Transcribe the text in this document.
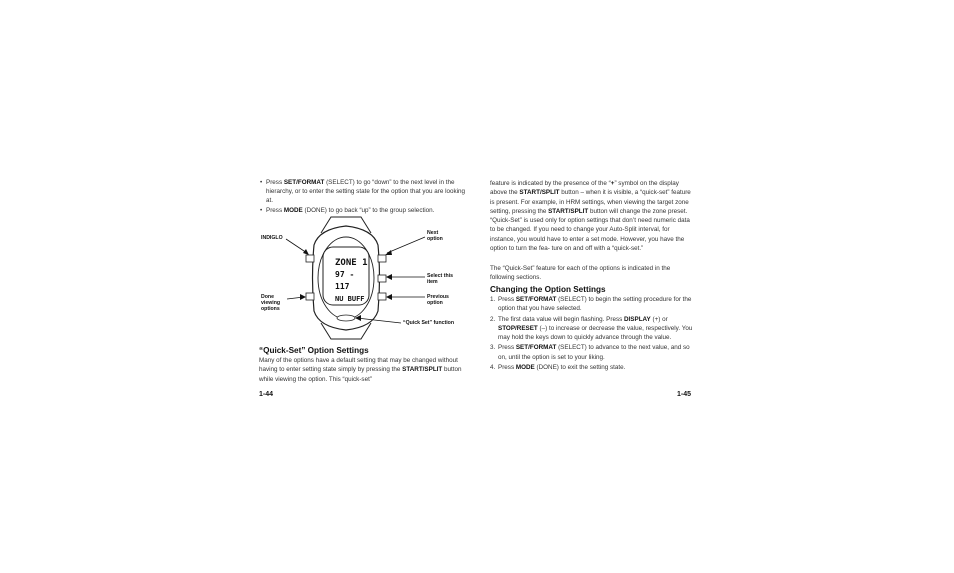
• Press SET/FORMAT (SELECT) to go “down” to the next level in the hierarchy, or to enter the setting state for the option that you are looking at.
• Press MODE (DONE) to go back “up” to the group selection.
ZONE 1
97 - 117
NU BUFF
INDIGLO
Next option
Select this item
Done viewing options
Previous option
“Quick Set” function
“Quick-Set” Option Settings

Many of the options have a default setting that may be changed without having to enter setting state simply by pressing the START/SPLIT button while viewing the option. This “quick-set”

1-44

feature is indicated by the presence of the “+” symbol on the display above the START/SPLIT button – when it is visible, a “quick-set” feature is present. For example, in HRM settings, when viewing the target zone setting, pressing the START/SPLIT button will change the zone preset. “Quick-Set” is used only for option settings that don’t need numeric data to be changed. If you need to change your Auto-Split interval, for instance, you would have to enter a set mode. However, you have the option to turn the fea- ture on and off with a “quick-set.”

The “Quick-Set” feature for each of the options is indicated in the following sections.

Changing the Option Settings
1. Press SET/FORMAT (SELECT) to begin the setting procedure for the option that you have selected.
2. The first data value will begin flashing. Press DISPLAY (+) or STOP/RESET (–) to increase or decrease the value, respectively. You may hold the keys down to quickly advance through the value.
3. Press SET/FORMAT (SELECT) to advance to the next value, and so on, until the option is set to your liking.
4. Press MODE (DONE) to exit the setting state.
1-45
